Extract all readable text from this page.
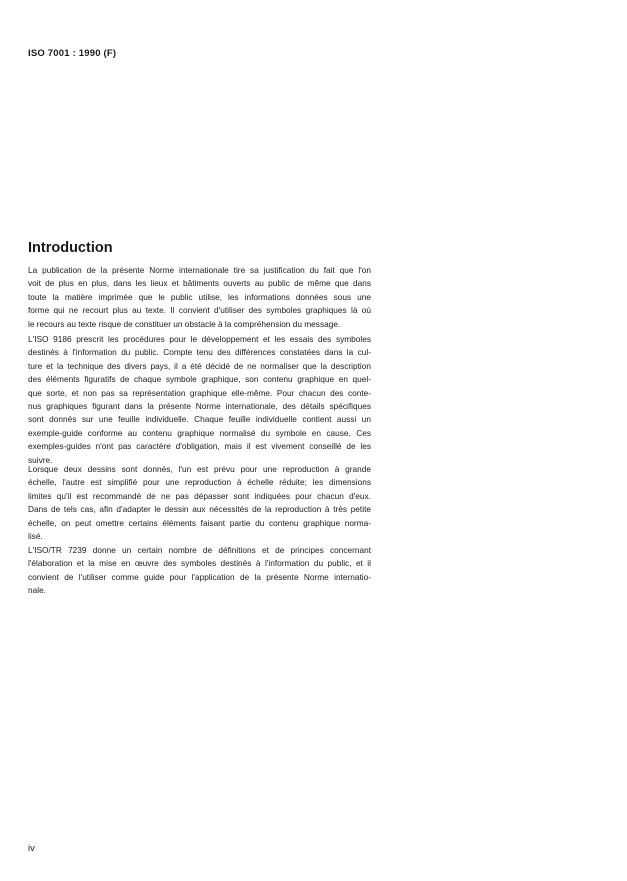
ISO 7001 : 1990 (F)
Introduction
La publication de la présente Norme internationale tire sa justification du fait que l'on
voit de plus en plus, dans les lieux et bâtiments ouverts au public de même que dans
toute la matière imprimée que le public utilise, les informations données sous une
forme qui ne recourt plus au texte. Il convient d'utiliser des symboles graphiques là où
le recours au texte risque de constituer un obstacle à la compréhension du message.
L'ISO 9186 prescrit les procédures pour le développement et les essais des symboles
destinés à l'information du public. Compte tenu des différences constatées dans la cul-
ture et la technique des divers pays, il a été décidé de ne normaliser que la description
des éléments figuratifs de chaque symbole graphique, son contenu graphique en quel-
que sorte, et non pas sa représentation graphique elle-même. Pour chacun des conte-
nus graphiques figurant dans la présente Norme internationale, des détails spécifiques
sont donnés sur une feuille individuelle. Chaque feuille individuelle contient aussi un
exemple-guide conforme au contenu graphique normalisé du symbole en cause. Ces
exemples-guides n'ont pas caractère d'obligation, mais il est vivement conseillé de les
suivre.
Lorsque deux dessins sont donnés, l'un est prévu pour une reproduction à grande
échelle, l'autre est simplifié pour une reproduction à échelle réduite; les dimensions
limites qu'il est recommandé de ne pas dépasser sont indiquées pour chacun d'eux.
Dans de tels cas, afin d'adapter le dessin aux nécessités de la reproduction à très petite
échelle, on peut omettre certains éléments faisant partie du contenu graphique norma-
lisé.
L'ISO/TR 7239 donne un certain nombre de définitions et de principes concernant
l'élaboration et la mise en œuvre des symboles destinés à l'information du public, et il
convient de l'utiliser comme guide pour l'application de la présente Norme internatio-
nale.
iv
